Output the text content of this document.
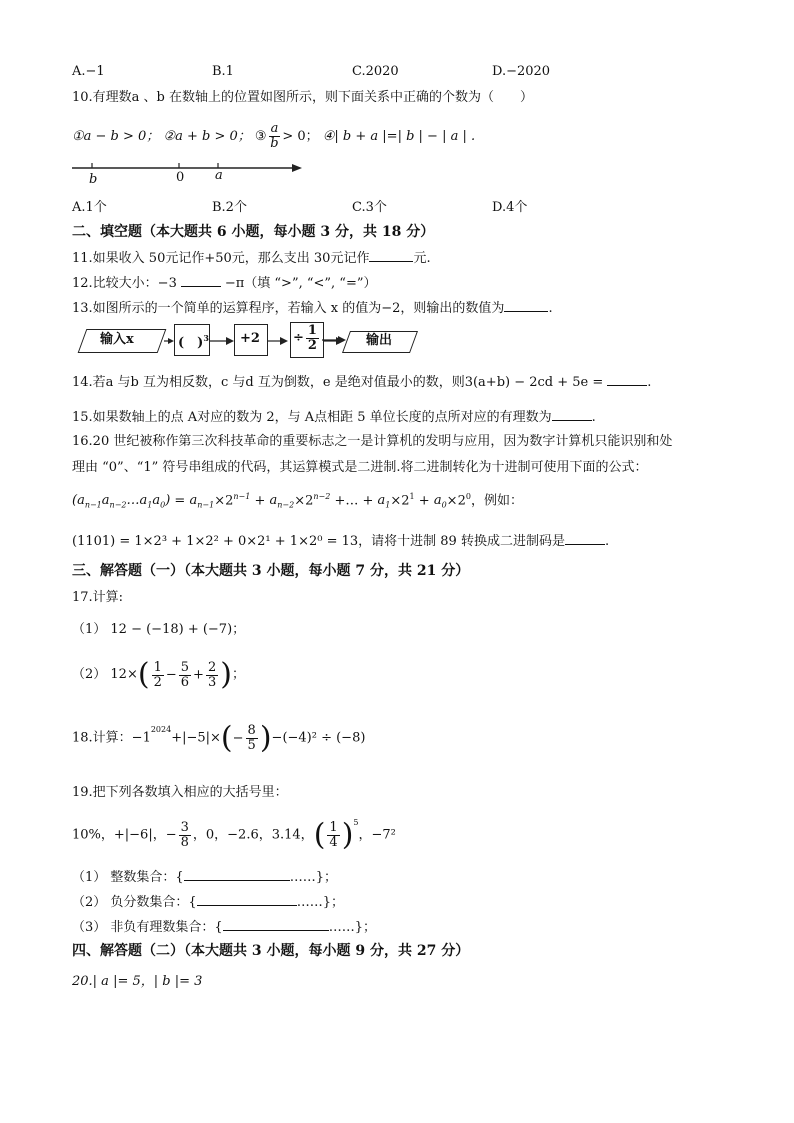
A.−1	B.1	C.2020	D.−2020
10.有理数a 、b 在数轴上的位置如图所示，则下面关系中正确的个数为（　　）
①a − b > 0； ②a + b > 0； ③ $\frac{a}{b} > 0$； ④| b + a |=| b | − | a | .
b	0 a
A.1个	B.2个	C.3个	D.4个
二、填空题（本大题共 6 小题，每小题 3 分，共 18 分）
11.如果收入 50元记作+50元，那么支出 30元记作	元.
12.比较大小：−3	−π（填 “>”, “<”, “=”）
13.如图所示的一个简单的运算程序，若输入 x 的值为−2，则输出的数值为	.
输入x	(　)$^3$ +2	÷ $\frac{1}{2}$	输出
14.若a 与b 互为相反数，c 与d 互为倒数，e 是绝对值最小的数，则3(a+b) − 2cd + 5e =	.
15.如果数轴上的点 A对应的数为 2，与 A点相距 5 单位长度的点所对应的有理数为	.
16.20 世纪被称作第三次科技革命的重要标志之一是计算机的发明与应用，因为数字计算机只能识别和处
理由 “0”、“1” 符号串组成的代码，其运算模式是二进制.将二进制转化为十进制可使用下面的公式：
$(a_{n-1}a_{n-2}\dots a_1a_0) = a_{n-1}\times 2^{n-1} + a_{n-2}\times 2^{n-2}$ +… + $a_1\times 2^1 + a_0\times 2^0$，例如：
(1101) = 1×2³ + 1×2² + 0×2¹ + 1×2⁰ = 13，请将十进制 89 转换成二进制码是	.
三、解答题（一）（本大题共 3 小题，每小题 7 分，共 21 分）
17.计算:
（1） 12 − (−18) + (−7)；
（2） $12\times( \frac{1}{2} - \frac{5}{6} + \frac{2}{3}$ )；
18.计算：$-1^{2024}+|-5|\times(- \frac{8}{5} )-(-4)^2 \div (-8)$
19.把下列各数填入相应的大括号里：
10%，+|−6|，− $\frac{3}{8}$ ，0，−2.6，3.14，( $\frac{1}{4} )^5$，−7²
（1） 整数集合：{	……}；
（2） 负分数集合：{	……}；
（3） 非负有理数集合：{	……}；
四、解答题（二）（本大题共 3 小题，每小题 9 分，共 27 分）
20.| a |= 5，| b |= 3
